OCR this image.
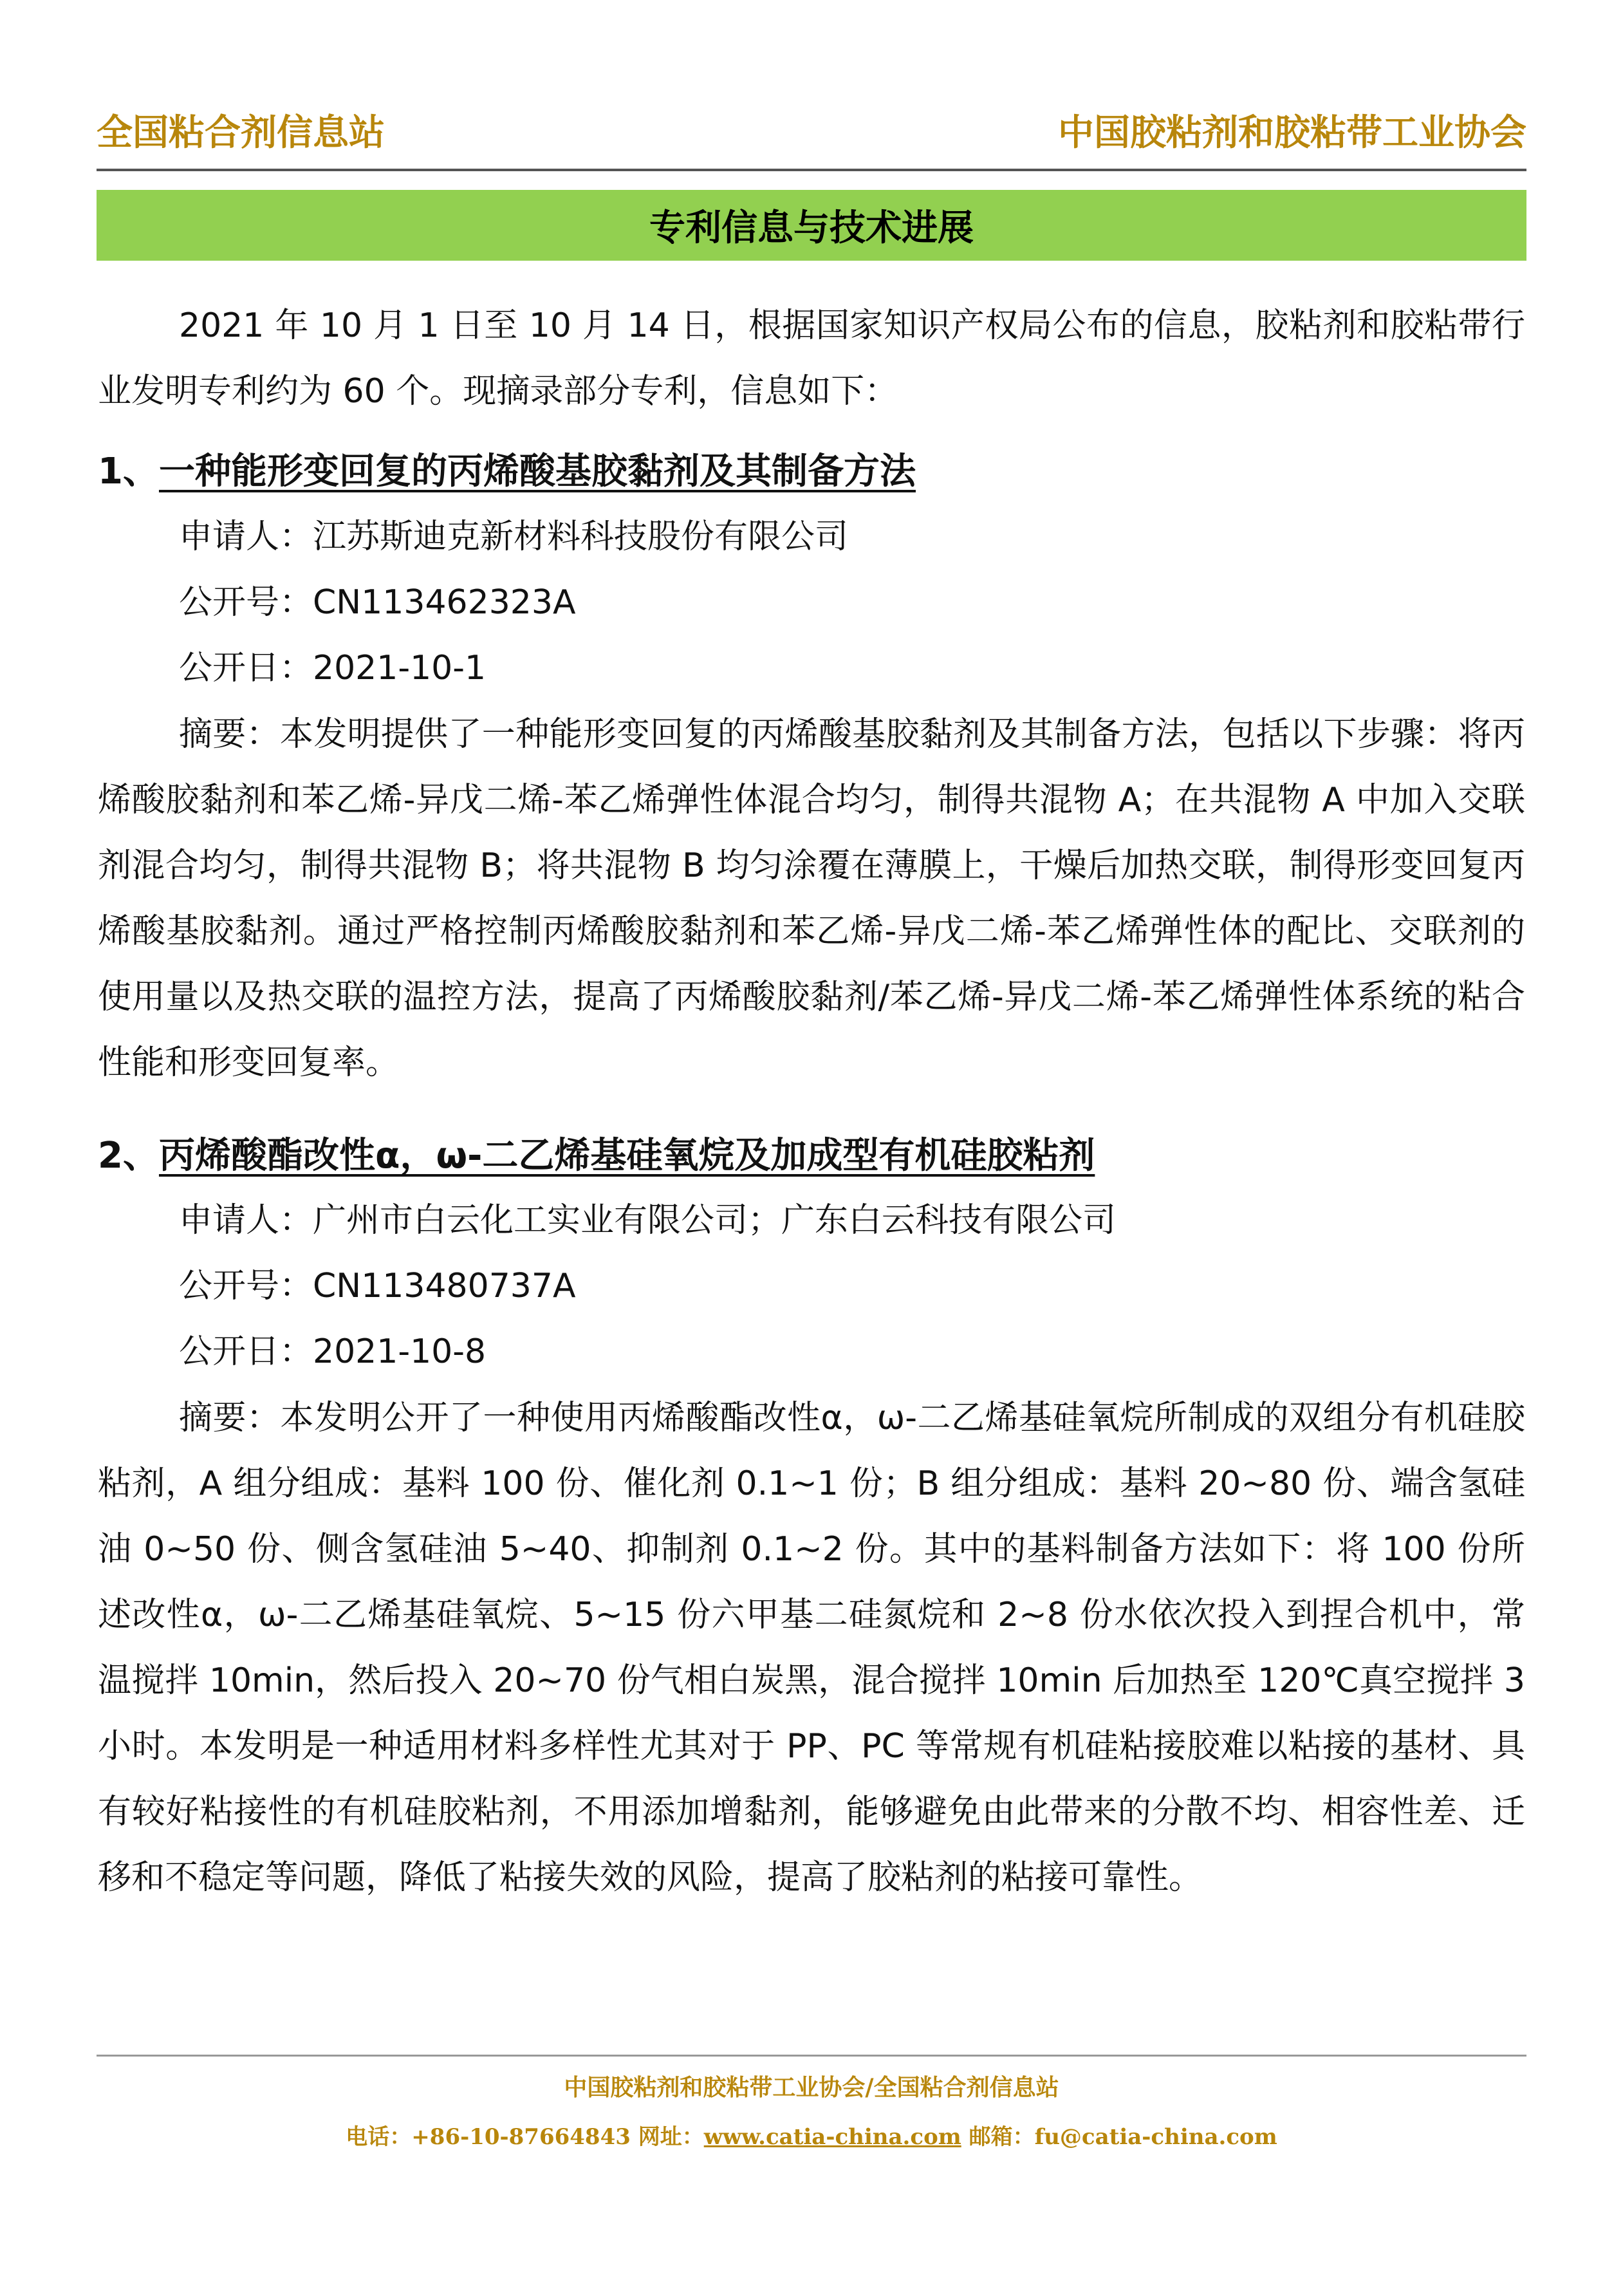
全国粘合剂信息站	中国胶粘剂和胶粘带工业协会
专利信息与技术进展
2021 年 10 月 1 日至 10 月 14 日，根据国家知识产权局公布的信息，胶粘剂和胶粘带行业发明专利约为 60 个。现摘录部分专利，信息如下：
1、一种能形变回复的丙烯酸基胶黏剂及其制备方法
申请人：江苏斯迪克新材料科技股份有限公司
公开号：CN113462323A
公开日：2021-10-1
摘要：本发明提供了一种能形变回复的丙烯酸基胶黏剂及其制备方法，包括以下步骤：将丙烯酸胶黏剂和苯乙烯-异戊二烯-苯乙烯弹性体混合均匀，制得共混物 A；在共混物 A 中加入交联剂混合均匀，制得共混物 B；将共混物 B 均匀涂覆在薄膜上，干燥后加热交联，制得形变回复丙烯酸基胶黏剂。通过严格控制丙烯酸胶黏剂和苯乙烯-异戊二烯-苯乙烯弹性体的配比、交联剂的使用量以及热交联的温控方法，提高了丙烯酸胶黏剂/苯乙烯-异戊二烯-苯乙烯弹性体系统的粘合性能和形变回复率。
2、丙烯酸酯改性α，ω-二乙烯基硅氧烷及加成型有机硅胶粘剂
申请人：广州市白云化工实业有限公司；广东白云科技有限公司
公开号：CN113480737A
公开日：2021-10-8
摘要：本发明公开了一种使用丙烯酸酯改性α，ω-二乙烯基硅氧烷所制成的双组分有机硅胶粘剂，A 组分组成：基料 100 份、催化剂 0.1~1 份；B 组分组成：基料 20~80 份、端含氢硅油 0~50 份、侧含氢硅油 5~40、抑制剂 0.1~2 份。其中的基料制备方法如下：将 100 份所述改性α，ω-二乙烯基硅氧烷、5~15 份六甲基二硅氮烷和 2~8 份水依次投入到捏合机中，常温搅拌 10min，然后投入 20~70 份气相白炭黑，混合搅拌 10min 后加热至 120℃真空搅拌 3 小时。本发明是一种适用材料多样性尤其对于 PP、PC 等常规有机硅粘接胶难以粘接的基材、具有较好粘接性的有机硅胶粘剂，不用添加增黏剂，能够避免由此带来的分散不均、相容性差、迁移和不稳定等问题，降低了粘接失效的风险，提高了胶粘剂的粘接可靠性。
中国胶粘剂和胶粘带工业协会/全国粘合剂信息站
电话：+86-10-87664843 网址：www.catia-china.com 邮箱：fu@catia-china.com
